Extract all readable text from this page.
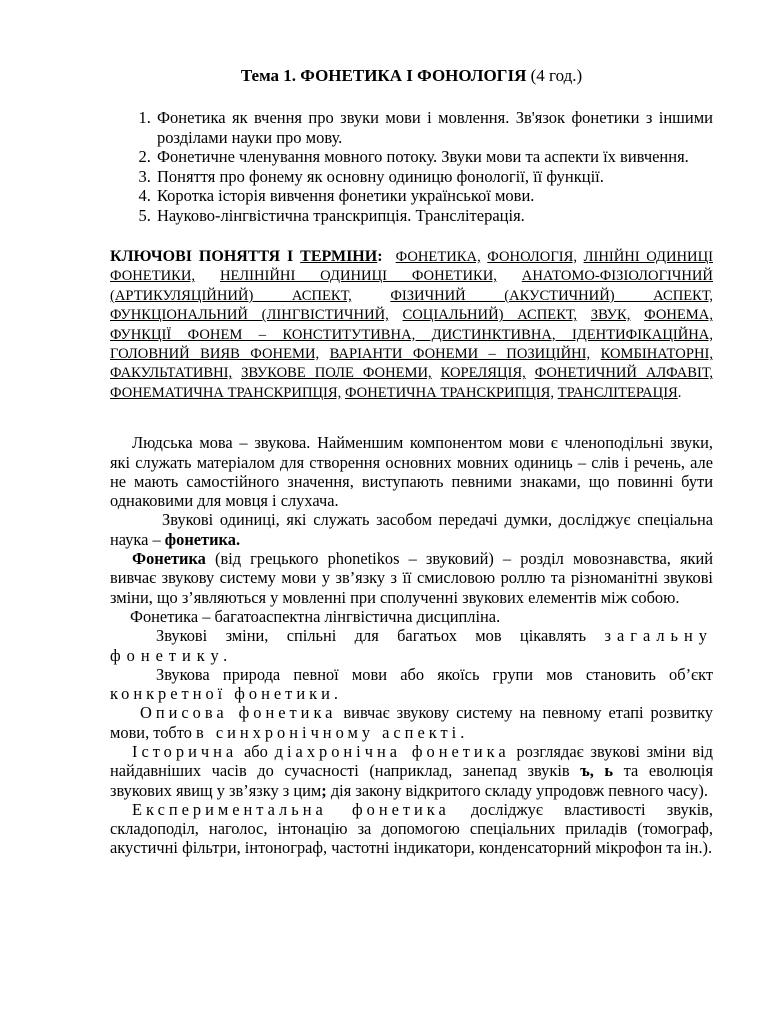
Тема 1. ФОНЕТИКА І ФОНОЛОГІЯ (4 год.)
1. Фонетика як вчення про звуки мови і мовлення. Зв'язок фонетики з іншими розділами науки про мову.
2. Фонетичне членування мовного потоку. Звуки мови та аспекти їх вивчення.
3. Поняття про фонему як основну одиницю фонології, її функції.
4. Коротка історія вивчення фонетики української мови.
5. Науково-лінгвістична транскрипція. Транслітерація.
КЛЮЧОВІ ПОНЯТТЯ І ТЕРМІНИ: ФОНЕТИКА, ФОНОЛОГІЯ, ЛІНІЙНІ ОДИНИЦІ ФОНЕТИКИ, НЕЛІНІЙНІ ОДИНИЦІ ФОНЕТИКИ, АНАТОМО-ФІЗІОЛОГІЧНИЙ (АРТИКУЛЯЦІЙНИЙ) АСПЕКТ,	ФІЗИЧНИЙ (АКУСТИЧНИЙ) АСПЕКТ, ФУНКЦІОНАЛЬНИЙ (ЛІНГВІСТИЧНИЙ, СОЦІАЛЬНИЙ) АСПЕКТ, ЗВУК, ФОНЕМА, ФУНКЦІЇ ФОНЕМ – КОНСТИТУТИВНА, ДИСТИНКТИВНА, ІДЕНТИФІКАЦІЙНА, ГОЛОВНИЙ ВИЯВ ФОНЕМИ, ВАРІАНТИ ФОНЕМИ – ПОЗИЦІЙНІ, КОМБІНАТОРНІ, ФАКУЛЬТАТИВНІ, ЗВУКОВЕ ПОЛЕ ФОНЕМИ, КОРЕЛЯЦІЯ, ФОНЕТИЧНИЙ АЛФАВІТ, ФОНЕМАТИЧНА ТРАНСКРИПЦІЯ, ФОНЕТИЧНА ТРАНСКРИПЦІЯ, ТРАНСЛІТЕРАЦІЯ.

Людська мова – звукова. Найменшим компонентом мови є членоподільні звуки, які служать матеріалом для створення основних мовних одиниць – слів і речень, але не мають самостійного значення, виступають певними знаками, що повинні бути однаковими для мовця і слухача.

Звукові одиниці, які служать засобом передачі думки, досліджує спеціальна наука – фонетика.

Фонетика (від грецького phonetikos – звуковий) – розділ мовознавства, який вивчає звукову систему мови у зв’язку з її смисловою роллю та різноманітні звукові зміни, що з’являються у мовленні при сполученні звукових елементів між собою.

Фонетика – багатоаспектна лінгвістична дисципліна.

Звукові зміни, спільні для багатьох мов цікавлять загальну фонетику.

Звукова природа певної мови або якоїсь групи мов становить об’єкт конкретної фонетики.

Описова фонетика вивчає звукову систему на певному етапі розвитку мови, тобто в синхронічному аспекті.

Історична або діахронічна фонетика розглядає звукові зміни від найдавніших часів до сучасності (наприклад, занепад звуків ъ, ь та еволюція звукових явищ у зв’язку з цим; дія закону відкритого складу упродовж певного часу).

Експериментальна фонетика досліджує властивості звуків, складоподіл, наголос, інтонацію за допомогою спеціальних приладів (томограф, акустичні фільтри, інтонограф, частотні індикатори, конденсаторний мікрофон та ін.).
